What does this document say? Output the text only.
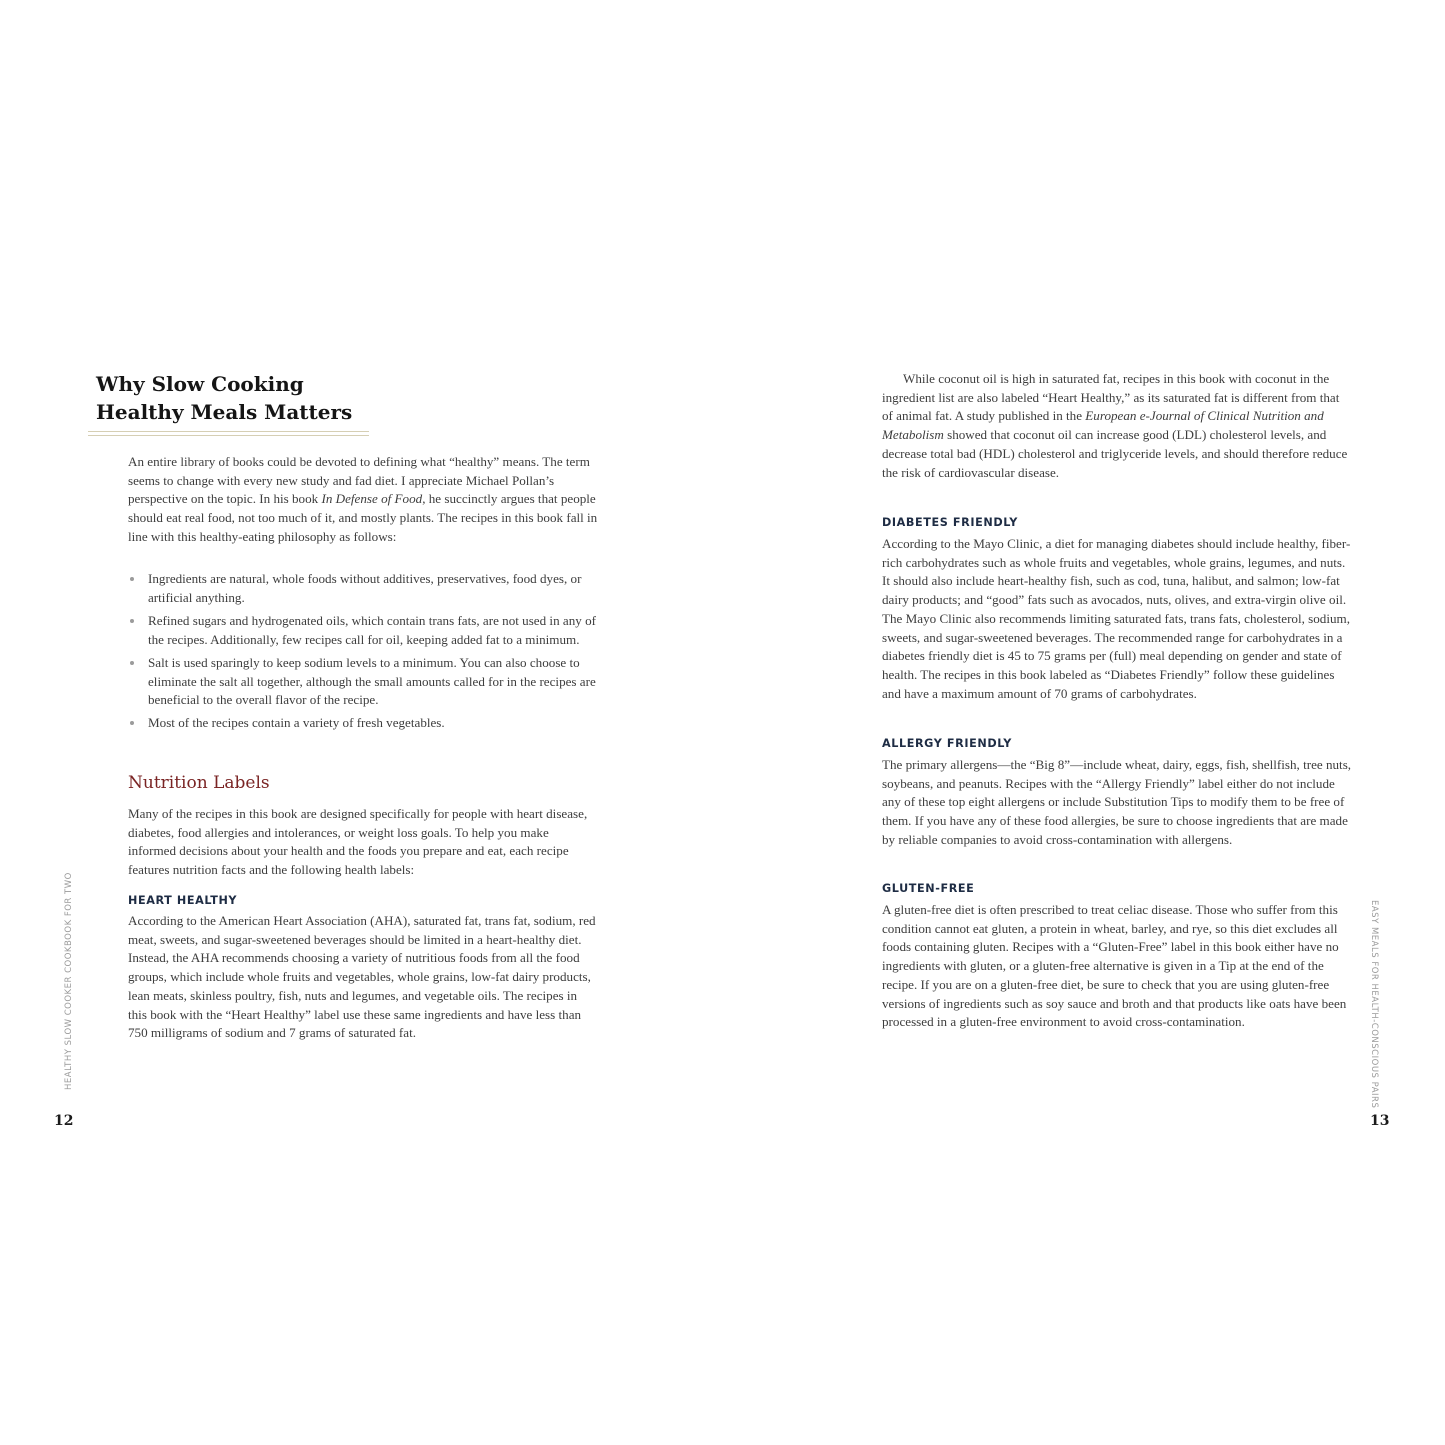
Why Slow Cooking
Healthy Meals Matters

An entire library of books could be devoted to defining what “healthy” means. The term seems to change with every new study and fad diet. I appreciate Michael Pollan’s perspective on the topic. In his book In Defense of Food, he succinctly argues that people should eat real food, not too much of it, and mostly plants. The recipes in this book fall in line with this healthy-eating philosophy as follows:

Ingredients are natural, whole foods without additives, preservatives, food dyes, or artificial anything.
Refined sugars and hydrogenated oils, which contain trans fats, are not used in any of the recipes. Additionally, few recipes call for oil, keeping added fat to a minimum.
Salt is used sparingly to keep sodium levels to a minimum. You can also choose to eliminate the salt all together, although the small amounts called for in the recipes are beneficial to the overall flavor of the recipe.
Most of the recipes contain a variety of fresh vegetables.
Nutrition Labels

Many of the recipes in this book are designed specifically for people with heart disease, diabetes, food allergies and intolerances, or weight loss goals. To help you make informed decisions about your health and the foods you prepare and eat, each recipe features nutrition facts and the following health labels:

HEART HEALTHY

According to the American Heart Association (AHA), saturated fat, trans fat, sodium, red meat, sweets, and sugar-sweetened beverages should be limited in a heart-healthy diet. Instead, the AHA recommends choosing a variety of nutritious foods from all the food groups, which include whole fruits and vegetables, whole grains, low-fat dairy products, lean meats, skinless poultry, fish, nuts and legumes, and vegetable oils. The recipes in this book with the “Heart Healthy” label use these same ingredients and have less than 750 milligrams of sodium and 7 grams of saturated fat.

HEALTHY SLOW COOKER COOKBOOK FOR TWO
12

While coconut oil is high in saturated fat, recipes in this book with coconut in the ingredient list are also labeled “Heart Healthy,” as its saturated fat is different from that of animal fat. A study published in the European e-Journal of Clinical Nutrition and Metabolism showed that coconut oil can increase good (LDL) cholesterol levels, and decrease total bad (HDL) cholesterol and triglyceride levels, and should therefore reduce the risk of cardiovascular disease.

DIABETES FRIENDLY

According to the Mayo Clinic, a diet for managing diabetes should include healthy, fiber-rich carbohydrates such as whole fruits and vegetables, whole grains, legumes, and nuts. It should also include heart-healthy fish, such as cod, tuna, halibut, and salmon; low-fat dairy products; and “good” fats such as avocados, nuts, olives, and extra-virgin olive oil. The Mayo Clinic also recommends limiting saturated fats, trans fats, cholesterol, sodium, sweets, and sugar-sweetened beverages. The recommended range for carbohydrates in a diabetes friendly diet is 45 to 75 grams per (full) meal depending on gender and state of health. The recipes in this book labeled as “Diabetes Friendly” follow these guidelines and have a maximum amount of 70 grams of carbohydrates.

ALLERGY FRIENDLY

The primary allergens—the “Big 8”—include wheat, dairy, eggs, fish, shellfish, tree nuts, soybeans, and peanuts. Recipes with the “Allergy Friendly” label either do not include any of these top eight allergens or include Substitution Tips to modify them to be free of them. If you have any of these food allergies, be sure to choose ingredients that are made by reliable companies to avoid cross-contamination with allergens.

GLUTEN-FREE

A gluten-free diet is often prescribed to treat celiac disease. Those who suffer from this condition cannot eat gluten, a protein in wheat, barley, and rye, so this diet excludes all foods containing gluten. Recipes with a “Gluten-Free” label in this book either have no ingredients with gluten, or a gluten-free alternative is given in a Tip at the end of the recipe. If you are on a gluten-free diet, be sure to check that you are using gluten-free versions of ingredients such as soy sauce and broth and that products like oats have been processed in a gluten-free environment to avoid cross-contamination.	EASY MEALS FOR HEALTH-CONSCIOUS PAIRS
13
